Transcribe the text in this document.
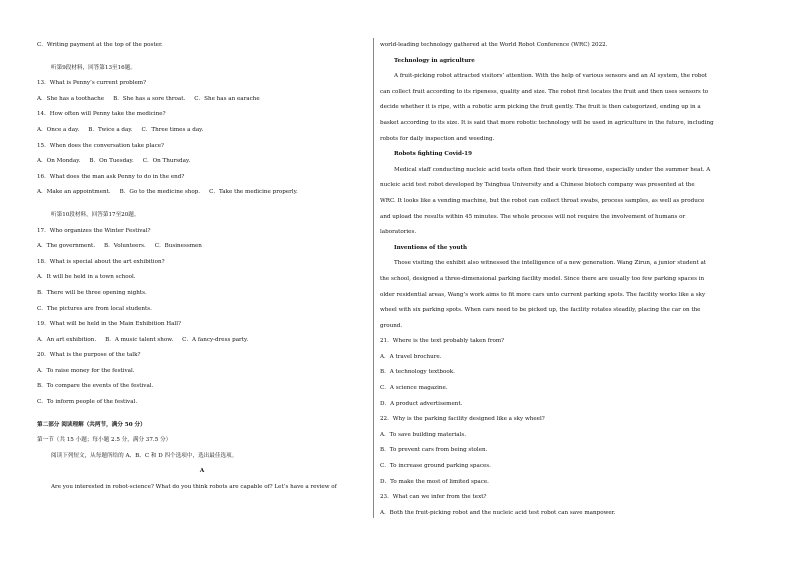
C．Writing payment at the top of the poster.
听第9段材料，回答第13至16题。
13．What is Penny’s current problem?
A．She has a toothache B．She has a sore throat. C．She has an earache
14．How often will Penny take the medicine?
A．Once a day. B．Twice a day. C．Three times a day.
15．When does the conversation take place?
A．On Monday. B．On Tuesday. C．On Thursday.
16．What does the man ask Penny to do in the end?
A．Make an appointment. B．Go to the medicine shop. C．Take the medicine properly.
听第10段材料，回答第17至20题。
17．Who organizes the Winter Festival?
A．The government. B．Volunteers. C．Businessmen
18．What is special about the art exhibition?
A．It will be held in a town school.
B．There will be three opening nights.
C．The pictures are from local students.
19．What will be held in the Main Exhibition Hall?
A．An art exhibition. B．A music talent show. C．A fancy-dress party.
20．What is the purpose of the talk?
A．To raise money for the festival.
B．To compare the events of the festival.
C．To inform people of the festival.
第二部分 阅读理解（共两节，满分 50 分）
第一节（共 15 小题；每小题 2.5 分，满分 37.5 分）
阅读下列短文，从每题所给的 A、B、C 和 D 四个选项中，选出最佳选项。
A
Are you interested in robot-science? What do you think robots are capable of? Let’s have a review of
world-leading technology gathered at the World Robot Conference (WRC) 2022.
Technology in agriculture
A fruit-picking robot attracted visitors’ attention. With the help of various sensors and an AI system, the robot
can collect fruit according to its ripeness, quality and size. The robot first locates the fruit and then uses sensors to
decide whether it is ripe, with a robotic arm picking the fruit gently. The fruit is then categorized, ending up in a
basket according to its size. It is said that more robotic technology will be used in agriculture in the future, including
robots for daily inspection and weeding.
Robots fighting Covid-19
Medical staff conducting nucleic acid tests often find their work tiresome, especially under the summer heat. A
nucleic acid test robot developed by Tsinghua University and a Chinese biotech company was presented at the
WRC. It looks like a vending machine, but the robot can collect throat swabs, process samples, as well as produce
and upload the results within 45 minutes. The whole process will not require the involvement of humans or
laboratories.
Inventions of the youth
Those visiting the exhibit also witnessed the intelligence of a new generation. Wang Zirun, a junior student at
the school, designed a three-dimensional parking facility model. Since there are usually too few parking spaces in
older residential areas, Wang’s work aims to fit more cars unto current parking spots. The facility works like a sky
wheel with six parking spots. When cars need to be picked up, the facility rotates steadily, placing the car on the
ground.
21．Where is the text probably taken from?
A．A travel brochure.
B．A technology textbook.
C．A science magazine.
D．A product advertisement.
22．Why is the parking facility designed like a sky wheel?
A．To save building materials.
B．To prevent cars from being stolen.
C．To increase ground parking spaces.
D．To make the most of limited space.
23．What can we infer from the text?
A．Both the fruit-picking robot and the nucleic acid test robot can save manpower.
